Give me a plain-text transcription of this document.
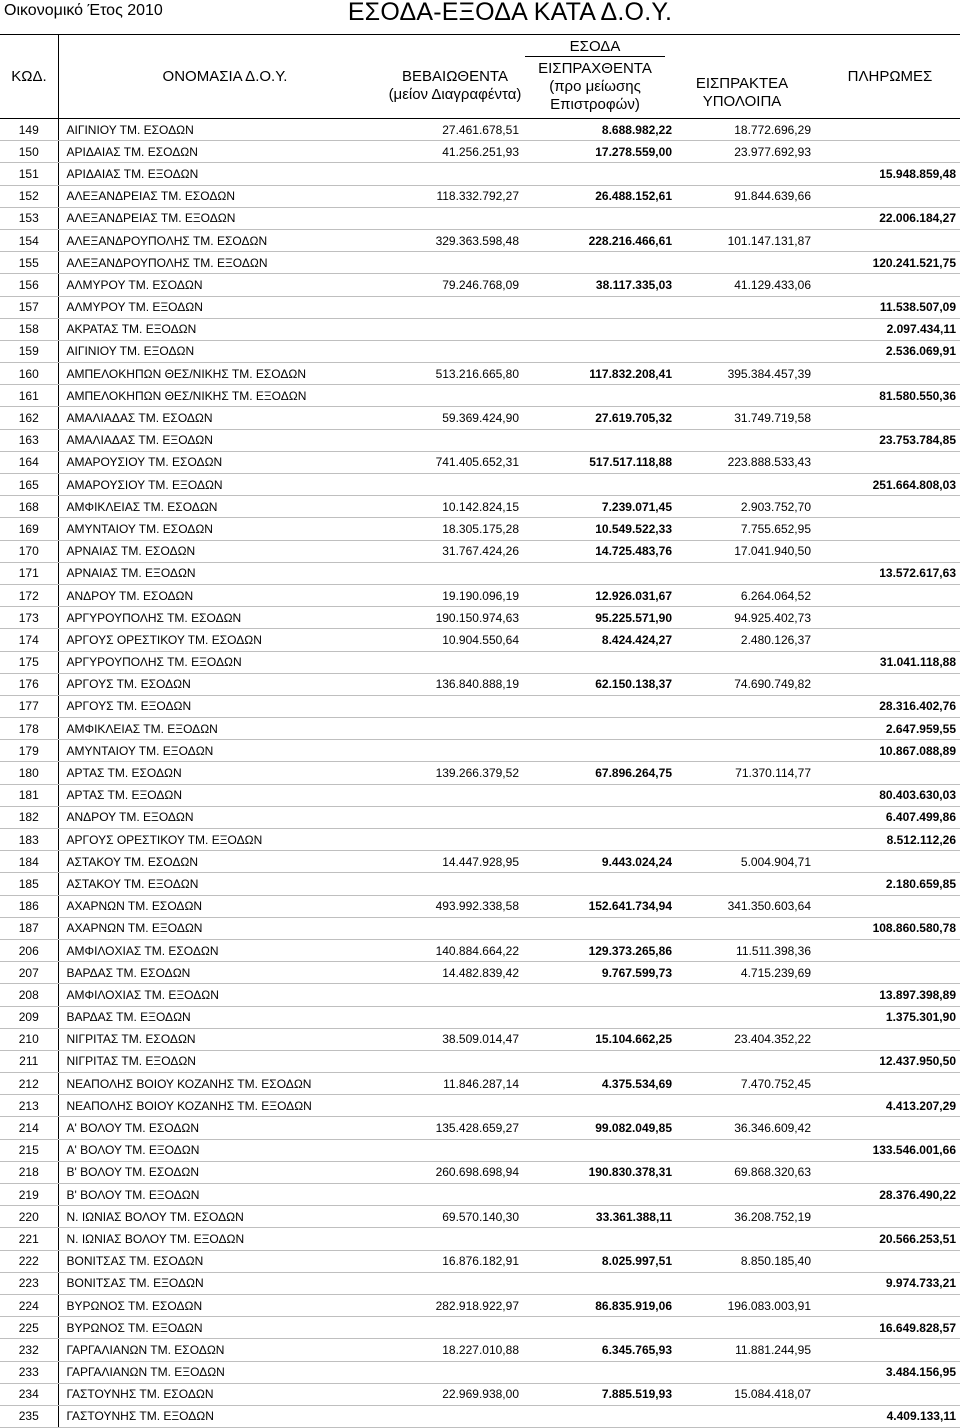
Οικονομικό Έτος 2010	ΕΣΟΔΑ-ΕΞΟΔΑ ΚΑΤΑ Δ.Ο.Υ.
ΕΣΟΔΑ
ΚΩΔ.	ΟΝΟΜΑΣΙΑ Δ.Ο.Υ.	ΒΕΒΑΙΩΘΕΝΤΑ
(μείον Διαγραφέντα)
ΕΙΣΠΡΑΧΘΕΝΤΑ
(προ μείωσης
Επιστροφών)
ΕΙΣΠΡΑΚΤΕΑ
ΥΠΟΛΟΙΠΑ
ΠΛΗΡΩΜΕΣ
149	ΑΙΓΙΝΙΟΥ ΤΜ. ΕΣΟΔΩΝ	27.461.678,51	8.688.982,22	18.772.696,29	
150	ΑΡΙΔΑΙΑΣ ΤΜ. ΕΣΟΔΩΝ	41.256.251,93	17.278.559,00	23.977.692,93	
151	ΑΡΙΔΑΙΑΣ ΤΜ. ΕΞΟΔΩΝ				15.948.859,48
152	ΑΛΕΞΑΝΔΡΕΙΑΣ ΤΜ. ΕΣΟΔΩΝ	118.332.792,27	26.488.152,61	91.844.639,66	
153	ΑΛΕΞΑΝΔΡΕΙΑΣ ΤΜ. ΕΞΟΔΩΝ				22.006.184,27
154	ΑΛΕΞΑΝΔΡΟΥΠΟΛΗΣ ΤΜ. ΕΣΟΔΩΝ	329.363.598,48	228.216.466,61	101.147.131,87	
155	ΑΛΕΞΑΝΔΡΟΥΠΟΛΗΣ ΤΜ. ΕΞΟΔΩΝ				120.241.521,75
156	ΑΛΜΥΡΟΥ ΤΜ. ΕΣΟΔΩΝ	79.246.768,09	38.117.335,03	41.129.433,06	
157	ΑΛΜΥΡΟΥ ΤΜ. ΕΞΟΔΩΝ				11.538.507,09
158	ΑΚΡΑΤΑΣ ΤΜ. ΕΞΟΔΩΝ				2.097.434,11
159	ΑΙΓΙΝΙΟΥ ΤΜ. ΕΞΟΔΩΝ				2.536.069,91
160	ΑΜΠΕΛΟΚΗΠΩΝ ΘΕΣ/ΝΙΚΗΣ ΤΜ. ΕΣΟΔΩΝ	513.216.665,80	117.832.208,41	395.384.457,39	
161	ΑΜΠΕΛΟΚΗΠΩΝ ΘΕΣ/ΝΙΚΗΣ ΤΜ. ΕΞΟΔΩΝ				81.580.550,36
162	ΑΜΑΛΙΑΔΑΣ ΤΜ. ΕΣΟΔΩΝ	59.369.424,90	27.619.705,32	31.749.719,58	
163	ΑΜΑΛΙΑΔΑΣ ΤΜ. ΕΞΟΔΩΝ				23.753.784,85
164	ΑΜΑΡΟΥΣΙΟΥ ΤΜ. ΕΣΟΔΩΝ	741.405.652,31	517.517.118,88	223.888.533,43	
165	ΑΜΑΡΟΥΣΙΟΥ ΤΜ. ΕΞΟΔΩΝ				251.664.808,03
168	ΑΜΦΙΚΛΕΙΑΣ ΤΜ. ΕΣΟΔΩΝ	10.142.824,15	7.239.071,45	2.903.752,70	
169	ΑΜΥΝΤΑΙΟΥ ΤΜ. ΕΣΟΔΩΝ	18.305.175,28	10.549.522,33	7.755.652,95	
170	ΑΡΝΑΙΑΣ ΤΜ. ΕΣΟΔΩΝ	31.767.424,26	14.725.483,76	17.041.940,50	
171	ΑΡΝΑΙΑΣ ΤΜ. ΕΞΟΔΩΝ				13.572.617,63
172	ΑΝΔΡΟΥ ΤΜ. ΕΣΟΔΩΝ	19.190.096,19	12.926.031,67	6.264.064,52	
173	ΑΡΓΥΡΟΥΠΟΛΗΣ ΤΜ. ΕΣΟΔΩΝ	190.150.974,63	95.225.571,90	94.925.402,73	
174	ΑΡΓΟΥΣ ΟΡΕΣΤΙΚΟΥ ΤΜ. ΕΣΟΔΩΝ	10.904.550,64	8.424.424,27	2.480.126,37	
175	ΑΡΓΥΡΟΥΠΟΛΗΣ ΤΜ. ΕΞΟΔΩΝ				31.041.118,88
176	ΑΡΓΟΥΣ ΤΜ. ΕΣΟΔΩΝ	136.840.888,19	62.150.138,37	74.690.749,82	
177	ΑΡΓΟΥΣ ΤΜ. ΕΞΟΔΩΝ				28.316.402,76
178	ΑΜΦΙΚΛΕΙΑΣ ΤΜ. ΕΞΟΔΩΝ				2.647.959,55
179	ΑΜΥΝΤΑΙΟΥ ΤΜ. ΕΞΟΔΩΝ				10.867.088,89
180	ΑΡΤΑΣ ΤΜ. ΕΣΟΔΩΝ	139.266.379,52	67.896.264,75	71.370.114,77	
181	ΑΡΤΑΣ ΤΜ. ΕΞΟΔΩΝ				80.403.630,03
182	ΑΝΔΡΟΥ ΤΜ. ΕΞΟΔΩΝ				6.407.499,86
183	ΑΡΓΟΥΣ ΟΡΕΣΤΙΚΟΥ ΤΜ. ΕΞΟΔΩΝ				8.512.112,26
184	ΑΣΤΑΚΟΥ ΤΜ. ΕΣΟΔΩΝ	14.447.928,95	9.443.024,24	5.004.904,71	
185	ΑΣΤΑΚΟΥ ΤΜ. ΕΞΟΔΩΝ				2.180.659,85
186	ΑΧΑΡΝΩΝ ΤΜ. ΕΣΟΔΩΝ	493.992.338,58	152.641.734,94	341.350.603,64	
187	ΑΧΑΡΝΩΝ ΤΜ. ΕΞΟΔΩΝ				108.860.580,78
206	ΑΜΦΙΛΟΧΙΑΣ ΤΜ. ΕΣΟΔΩΝ	140.884.664,22	129.373.265,86	11.511.398,36	
207	ΒΑΡΔΑΣ ΤΜ. ΕΣΟΔΩΝ	14.482.839,42	9.767.599,73	4.715.239,69	
208	ΑΜΦΙΛΟΧΙΑΣ ΤΜ. ΕΞΟΔΩΝ				13.897.398,89
209	ΒΑΡΔΑΣ ΤΜ. ΕΞΟΔΩΝ				1.375.301,90
210	ΝΙΓΡΙΤΑΣ ΤΜ. ΕΣΟΔΩΝ	38.509.014,47	15.104.662,25	23.404.352,22	
211	ΝΙΓΡΙΤΑΣ ΤΜ. ΕΞΟΔΩΝ				12.437.950,50
212	ΝΕΑΠΟΛΗΣ ΒΟΙΟΥ ΚΟΖΑΝΗΣ ΤΜ. ΕΣΟΔΩΝ	11.846.287,14	4.375.534,69	7.470.752,45	
213	ΝΕΑΠΟΛΗΣ ΒΟΙΟΥ ΚΟΖΑΝΗΣ ΤΜ. ΕΞΟΔΩΝ				4.413.207,29
214	Α' ΒΟΛΟΥ ΤΜ. ΕΣΟΔΩΝ	135.428.659,27	99.082.049,85	36.346.609,42	
215	Α' ΒΟΛΟΥ ΤΜ. ΕΞΟΔΩΝ				133.546.001,66
218	Β' ΒΟΛΟΥ ΤΜ. ΕΣΟΔΩΝ	260.698.698,94	190.830.378,31	69.868.320,63	
219	Β' ΒΟΛΟΥ ΤΜ. ΕΞΟΔΩΝ				28.376.490,22
220	Ν. ΙΩΝΙΑΣ ΒΟΛΟΥ ΤΜ. ΕΣΟΔΩΝ	69.570.140,30	33.361.388,11	36.208.752,19	
221	Ν. ΙΩΝΙΑΣ ΒΟΛΟΥ ΤΜ. ΕΞΟΔΩΝ				20.566.253,51
222	ΒΟΝΙΤΣΑΣ ΤΜ. ΕΣΟΔΩΝ	16.876.182,91	8.025.997,51	8.850.185,40	
223	ΒΟΝΙΤΣΑΣ ΤΜ. ΕΞΟΔΩΝ				9.974.733,21
224	ΒΥΡΩΝΟΣ ΤΜ. ΕΣΟΔΩΝ	282.918.922,97	86.835.919,06	196.083.003,91	
225	ΒΥΡΩΝΟΣ ΤΜ. ΕΞΟΔΩΝ				16.649.828,57
232	ΓΑΡΓΑΛΙΑΝΩΝ ΤΜ. ΕΣΟΔΩΝ	18.227.010,88	6.345.765,93	11.881.244,95	
233	ΓΑΡΓΑΛΙΑΝΩΝ ΤΜ. ΕΞΟΔΩΝ				3.484.156,95
234	ΓΑΣΤΟΥΝΗΣ ΤΜ. ΕΣΟΔΩΝ	22.969.938,00	7.885.519,93	15.084.418,07	
235	ΓΑΣΤΟΥΝΗΣ ΤΜ. ΕΞΟΔΩΝ				4.409.133,11
